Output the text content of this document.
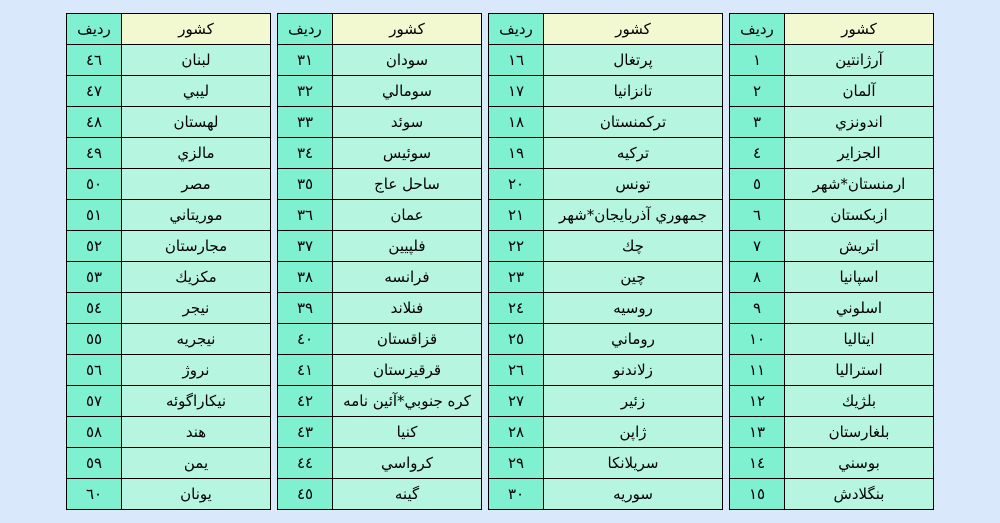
كشور	رديف
آرژانتين	١
آلمان	٢
اندونزي	٣
الجزاير	٤
ارمنستان*شهر	٥
ازبكستان	٦
اتريش	٧
اسپانيا	٨
اسلوني	٩
ايتاليا	١٠
استراليا	١١
بلژيك	١٢
بلغارستان	١٣
بوسني	١٤
بنگلادش	١٥
كشور	رديف
پرتغال	١٦
تانزانيا	١٧
تركمنستان	١٨
تركيه	١٩
تونس	٢٠
جمهوري آذربايجان*شهر	٢١
چك	٢٢
چين	٢٣
روسيه	٢٤
روماني	٢٥
زلاندنو	٢٦
زئير	٢٧
ژاپن	٢٨
سريلانكا	٢٩
سوريه	٣٠
كشور	رديف
سودان	٣١
سومالي	٣٢
سوئد	٣٣
سوئيس	٣٤
ساحل عاج	٣٥
عمان	٣٦
فلپيين	٣٧
فرانسه	٣٨
فنلاند	٣٩
قزاقستان	٤٠
قرقيزستان	٤١
كره جنوبي*آئين نامه	٤٢
كنيا	٤٣
كرواسي	٤٤
گينه	٤٥
كشور	رديف
لبنان	٤٦
ليبي	٤٧
لهستان	٤٨
مالزي	٤٩
مصر	٥٠
موريتاني	٥١
مجارستان	٥٢
مكزيك	٥٣
نيجر	٥٤
نيجريه	٥٥
نروژ	٥٦
نيكاراگوئه	٥٧
هند	٥٨
يمن	٥٩
يونان	٦٠
